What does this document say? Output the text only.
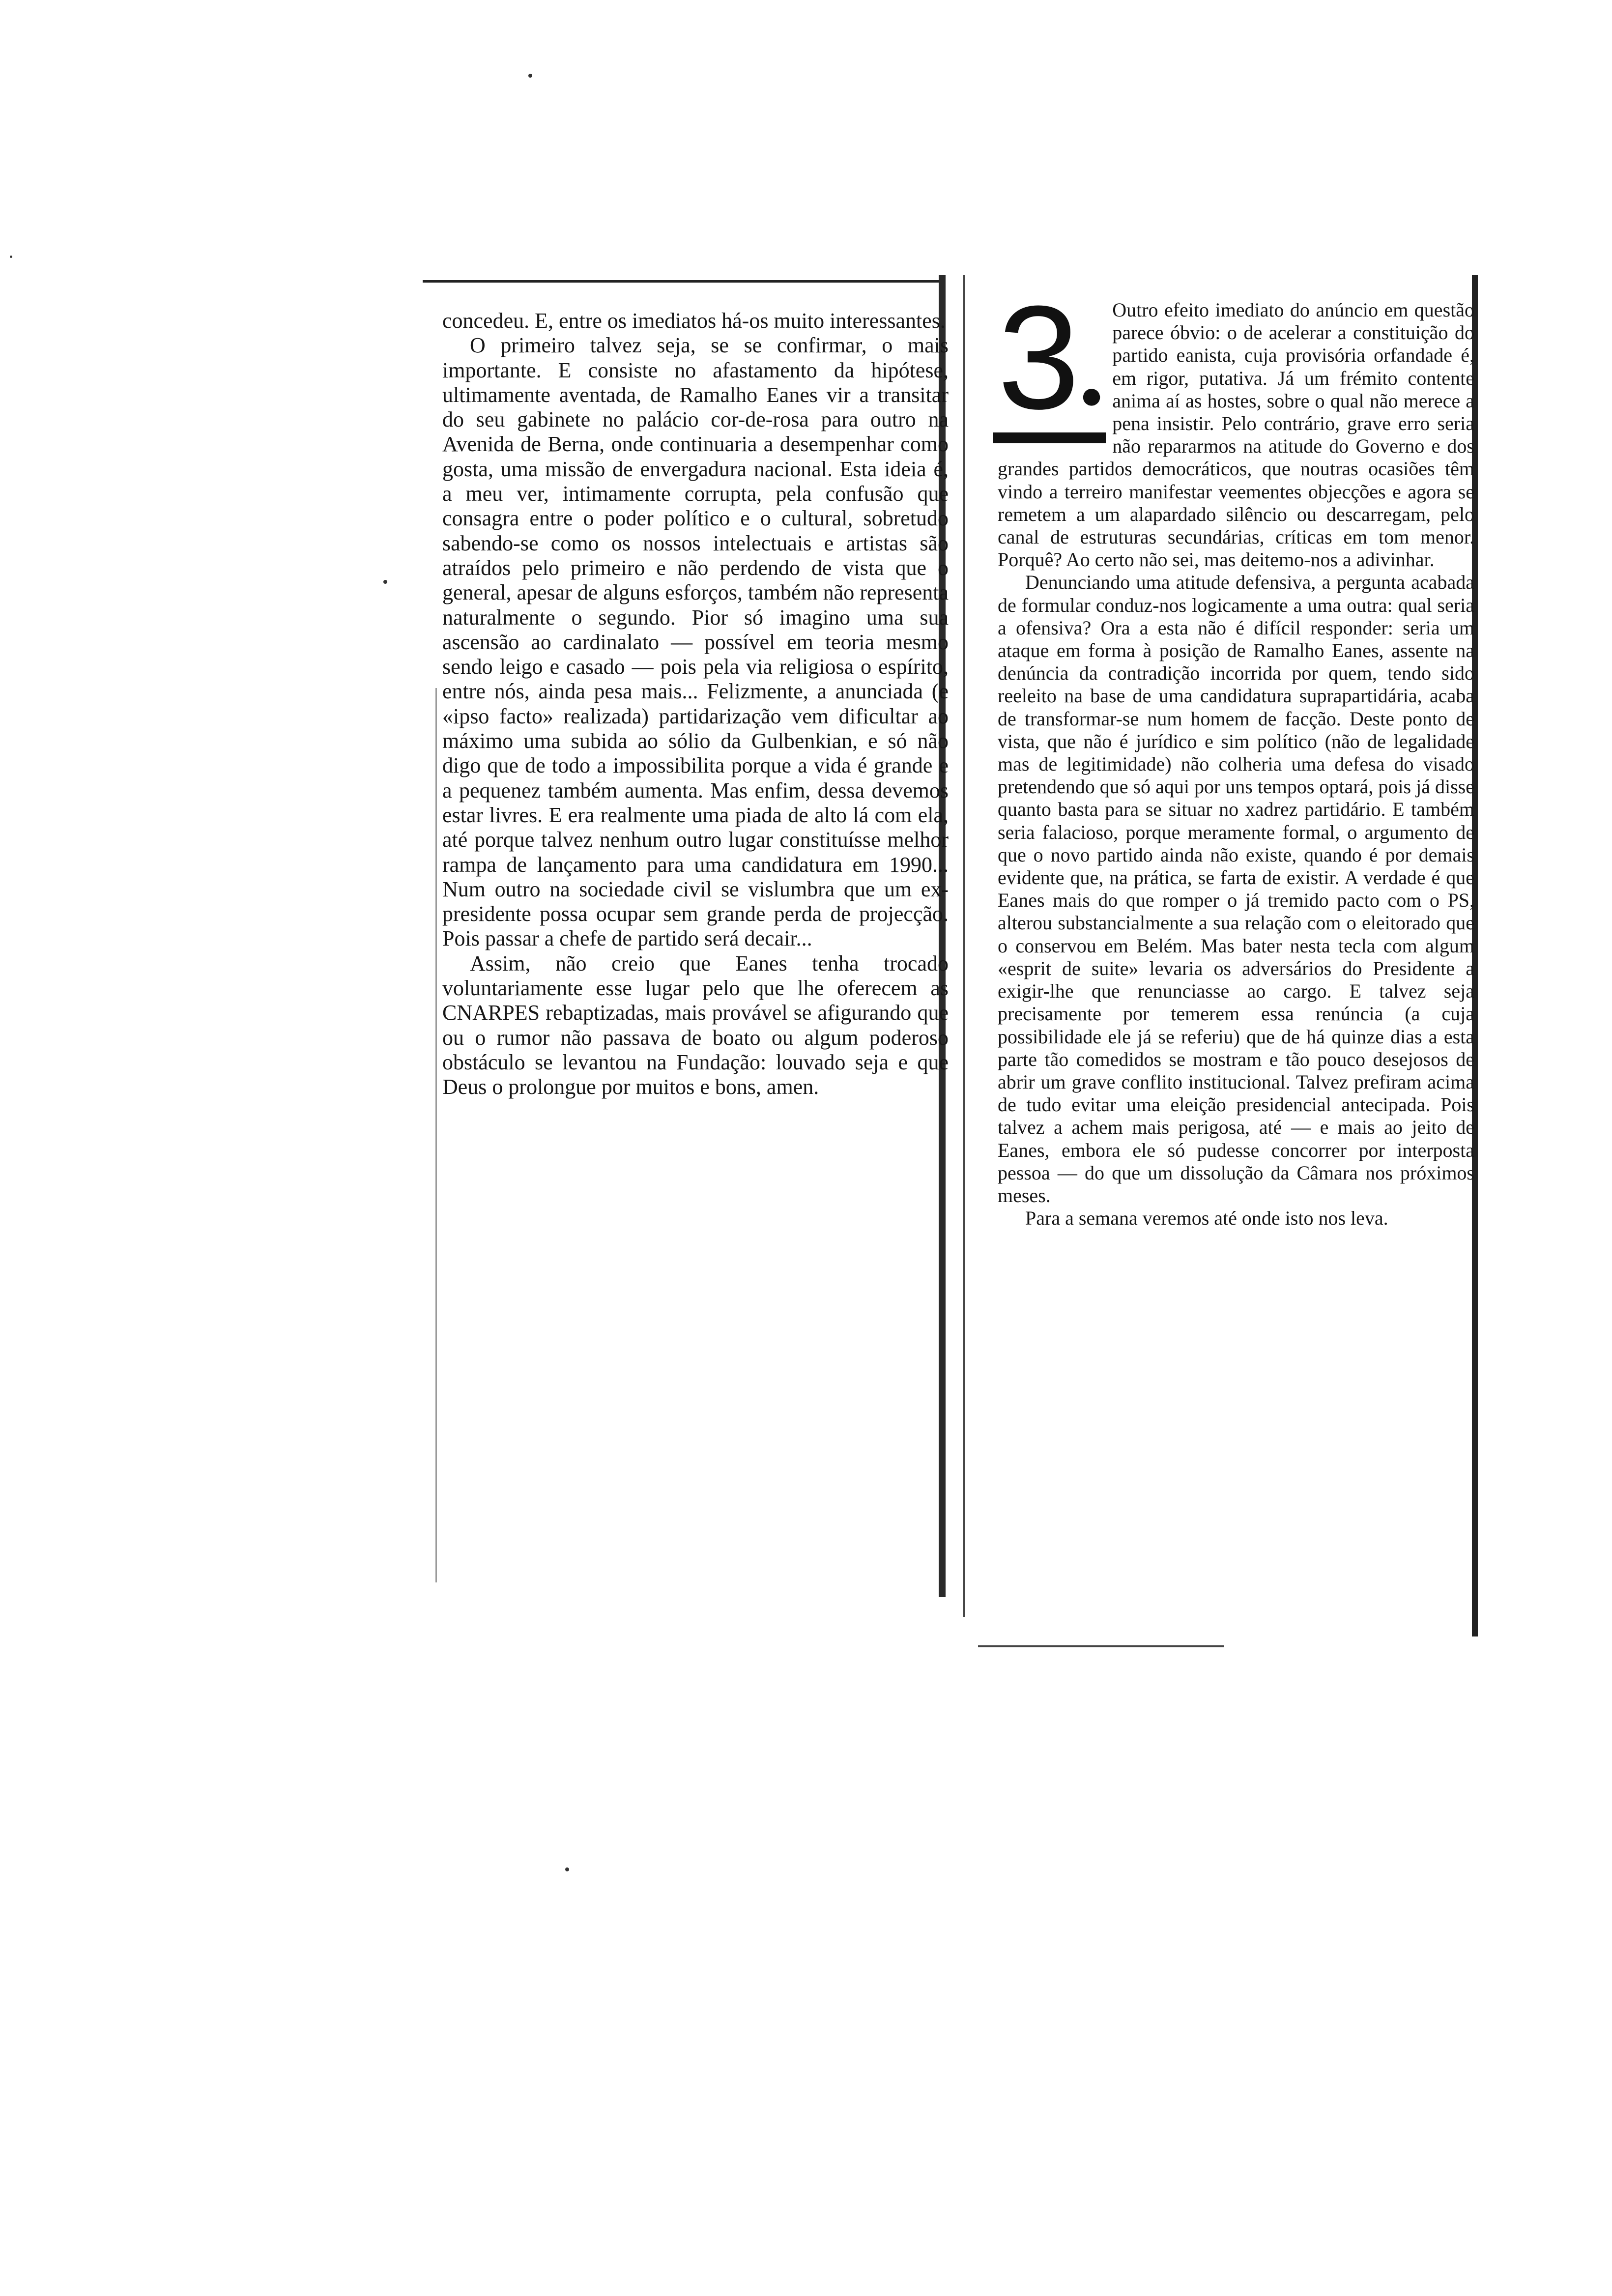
concedeu. E, entre os imediatos há-os muito interessantes.

O primeiro talvez seja, se se confirmar, o mais importante. E consiste no afastamento da hipótese, ultimamente aventada, de Ramalho Eanes vir a transitar do seu gabinete no palácio cor-de-rosa para outro na Avenida de Berna, onde continuaria a desempenhar como gosta, uma missão de envergadura nacional. Esta ideia é, a meu ver, intimamente corrupta, pela confusão que consagra entre o poder político e o cultural, sobretudo sabendo-se como os nossos intelectuais e artistas são atraídos pelo primeiro e não perdendo de vista que o general, apesar de alguns esforços, também não representa naturalmente o segundo. Pior só imagino uma sua ascensão ao cardinalato — possível em teoria mesmo sendo leigo e casado — pois pela via religiosa o espírito, entre nós, ainda pesa mais... Felizmente, a anunciada (e «ipso facto» realizada) partidarização vem dificultar ao máximo uma subida ao sólio da Gulbenkian, e só não digo que de todo a impossibilita porque a vida é grande e a pequenez também aumenta. Mas enfim, dessa devemos estar livres. E era realmente uma piada de alto lá com ela, até porque talvez nenhum outro lugar constituísse melhor rampa de lançamento para uma candidatura em 1990... Num outro na sociedade civil se vislumbra que um ex-presidente possa ocupar sem grande perda de projecção. Pois passar a chefe de partido será decair...

Assim, não creio que Eanes tenha trocado voluntariamente esse lugar pelo que lhe oferecem as CNARPES rebaptizadas, mais provável se afigurando que ou o rumor não passava de boato ou algum poderoso obstáculo se levantou na Fundação: louvado seja e que Deus o prolongue por muitos e bons, amen.

3●

Outro efeito imediato do anúncio em questão parece óbvio: o de acelerar a constituição do partido eanista, cuja provisória orfandade é, em rigor, putativa. Já um frémito contente anima aí as hostes, sobre o qual não merece a pena insistir. Pelo contrário, grave erro seria não repararmos na atitude do Governo e dos grandes partidos democráticos, que noutras ocasiões têm vindo a terreiro manifestar veementes objecções e agora se remetem a um alapardado silêncio ou descarregam, pelo canal de estruturas secundárias, críticas em tom menor. Porquê? Ao certo não sei, mas deitemo-nos a adivinhar.

Denunciando uma atitude defensiva, a pergunta acabada de formular conduz-nos logicamente a uma outra: qual seria a ofensiva? Ora a esta não é difícil responder: seria um ataque em forma à posição de Ramalho Eanes, assente na denúncia da contradição incorrida por quem, tendo sido reeleito na base de uma candidatura suprapartidária, acaba de transformar-se num homem de facção. Deste ponto de vista, que não é jurídico e sim político (não de legalidade mas de legitimidade) não colheria uma defesa do visado pretendendo que só aqui por uns tempos optará, pois já disse quanto basta para se situar no xadrez partidário. E também seria falacioso, porque meramente formal, o argumento de que o novo partido ainda não existe, quando é por demais evidente que, na prática, se farta de existir. A verdade é que Eanes mais do que romper o já tremido pacto com o PS, alterou substancialmente a sua relação com o eleitorado que o conservou em Belém. Mas bater nesta tecla com algum «esprit de suite» levaria os adversários do Presidente a exigir-lhe que renunciasse ao cargo. E talvez seja precisamente por temerem essa renúncia (a cuja possibilidade ele já se referiu) que de há quinze dias a esta parte tão comedidos se mostram e tão pouco desejosos de abrir um grave conflito institucional. Talvez prefiram acima de tudo evitar uma eleição presidencial antecipada. Pois talvez a achem mais perigosa, até — e mais ao jeito de Eanes, embora ele só pudesse concorrer por interposta pessoa — do que um dissolução da Câmara nos próximos meses.

Para a semana veremos até onde isto nos leva.
